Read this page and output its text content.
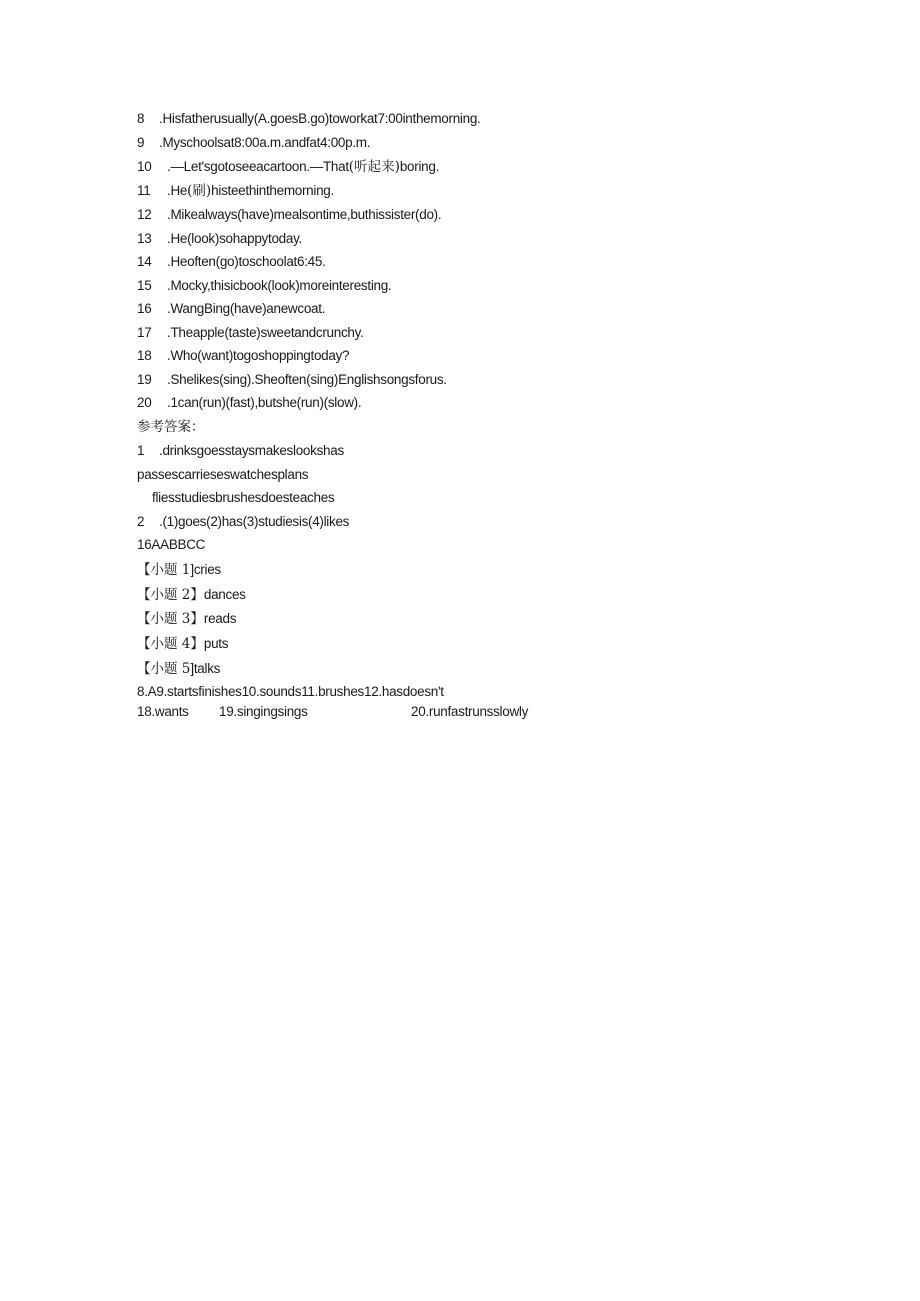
8 .Hisfatherusually(A.goesB.go)toworkat7:00inthemorning.
9 .Myschoolsat8:00a.m.andfat4:00p.m.
10 .—Let'sgotoseeacartoon.—That(听起来)boring.
11 .He(刷)histeethinthemorning.
12 .Mikealways(have)mealsontime,buthissister(do).
13 .He(look)sohappytoday.
14 .Heoften(go)toschoolat6:45.
15 .Mocky,thisicbook(look)moreinteresting.
16 .WangBing(have)anewcoat.
17 .Theapple(taste)sweetandcrunchy.
18 .Who(want)togoshoppingtoday?
19 .Shelikes(sing).Sheoften(sing)Englishsongsforus.
20 .1can(run)(fast),butshe(run)(slow).
参考答案：
1 .drinksgoesstaysmakeslookshas
passescarrieseswatchesplans
fliesstudiesbrushesdoesteaches
2 .(1)goes(2)has(3)studiesis(4)likes
16AABBCC
【小题 1]cries
【小题 2】dances
【小题 3】reads
【小题 4】puts
【小题 5]talks
8.A9.startsfinishes10.sounds11.brushes12.hasdoesn't
18.wants 19.singingsings	20.runfastrunsslowly
